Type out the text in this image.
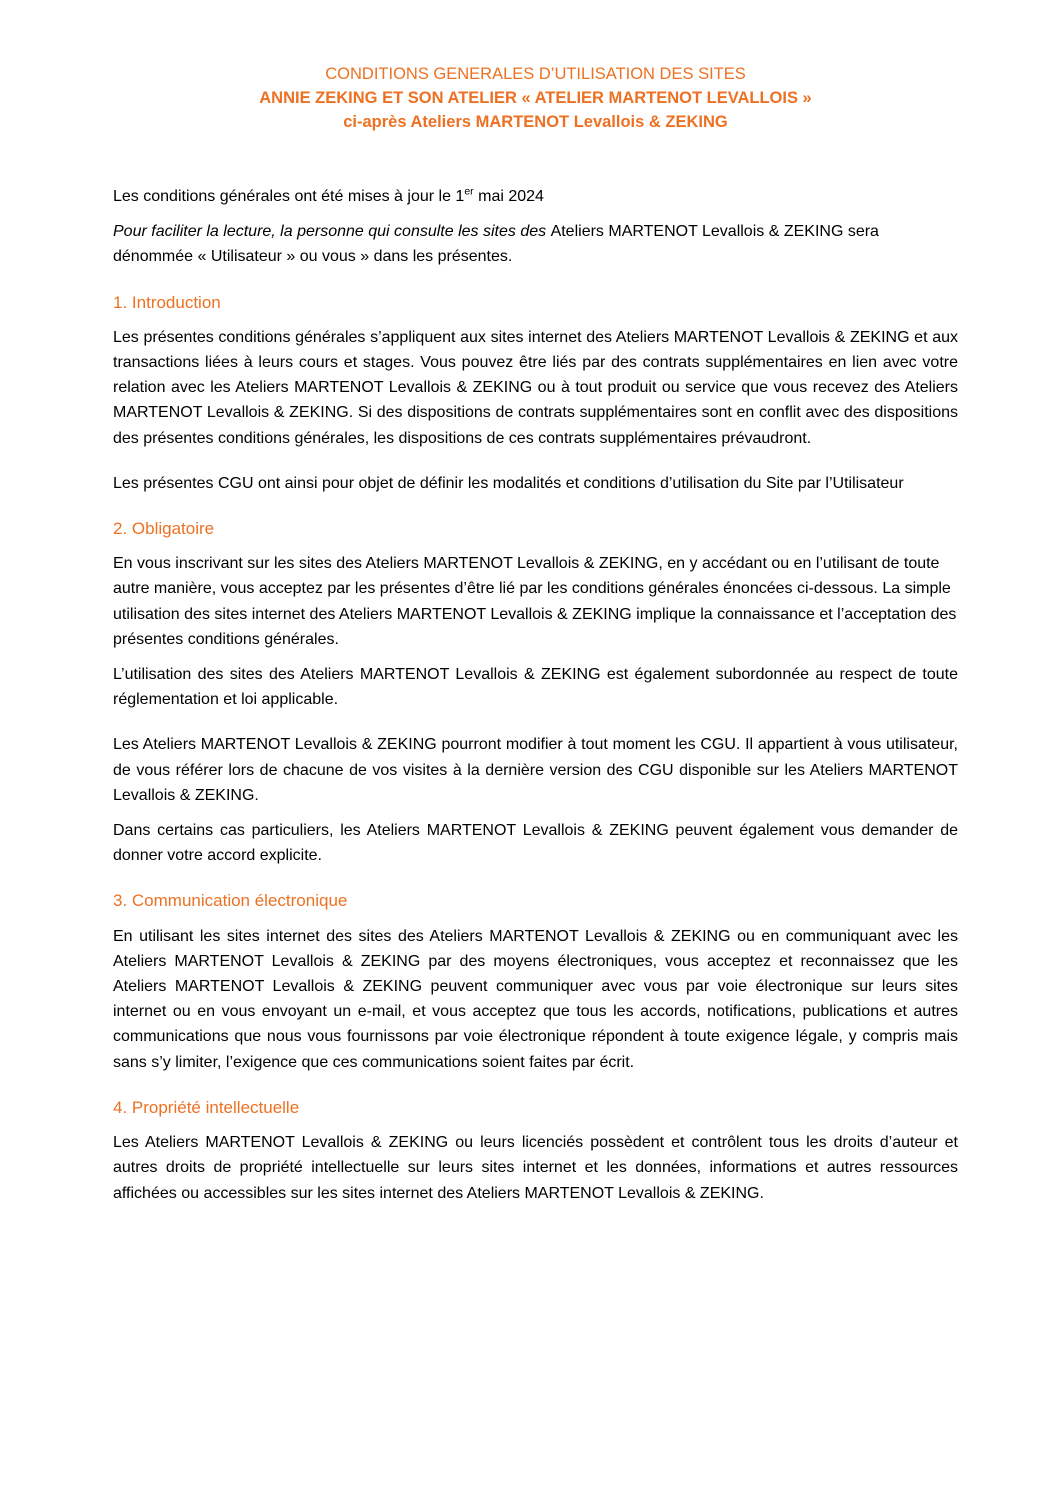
CONDITIONS GENERALES D’UTILISATION DES SITES
ANNIE ZEKING ET SON ATELIER « ATELIER MARTENOT LEVALLOIS »
ci-après Ateliers MARTENOT Levallois & ZEKING

Les conditions générales ont été mises à jour le 1er mai 2024

Pour faciliter la lecture, la personne qui consulte les sites des Ateliers MARTENOT Levallois & ZEKING sera dénommée « Utilisateur » ou vous » dans les présentes.

1. Introduction

Les présentes conditions générales s’appliquent aux sites internet des Ateliers MARTENOT Levallois & ZEKING et aux transactions liées à leurs cours et stages. Vous pouvez être liés par des contrats supplémentaires en lien avec votre relation avec les Ateliers MARTENOT Levallois & ZEKING ou à tout produit ou service que vous recevez des Ateliers MARTENOT Levallois & ZEKING. Si des dispositions de contrats supplémentaires sont en conflit avec des dispositions des présentes conditions générales, les dispositions de ces contrats supplémentaires prévaudront.

Les présentes CGU ont ainsi pour objet de définir les modalités et conditions d’utilisation du Site par l’Utilisateur

2. Obligatoire

En vous inscrivant sur les sites des Ateliers MARTENOT Levallois & ZEKING, en y accédant ou en l’utilisant de toute autre manière, vous acceptez par les présentes d’être lié par les conditions générales énoncées ci-dessous. La simple utilisation des sites internet des Ateliers MARTENOT Levallois & ZEKING implique la connaissance et l’acceptation des présentes conditions générales.

L’utilisation des sites des Ateliers MARTENOT Levallois & ZEKING est également subordonnée au respect de toute réglementation et loi applicable.

Les Ateliers MARTENOT Levallois & ZEKING pourront modifier à tout moment les CGU. Il appartient à vous utilisateur, de vous référer lors de chacune de vos visites à la dernière version des CGU disponible sur les Ateliers MARTENOT Levallois & ZEKING.

Dans certains cas particuliers, les Ateliers MARTENOT Levallois & ZEKING peuvent également vous demander de donner votre accord explicite.

3. Communication électronique

En utilisant les sites internet des sites des Ateliers MARTENOT Levallois & ZEKING ou en communiquant avec les Ateliers MARTENOT Levallois & ZEKING par des moyens électroniques, vous acceptez et reconnaissez que les Ateliers MARTENOT Levallois & ZEKING peuvent communiquer avec vous par voie électronique sur leurs sites internet ou en vous envoyant un e-mail, et vous acceptez que tous les accords, notifications, publications et autres communications que nous vous fournissons par voie électronique répondent à toute exigence légale, y compris mais sans s’y limiter, l’exigence que ces communications soient faites par écrit.

4. Propriété intellectuelle

Les Ateliers MARTENOT Levallois & ZEKING ou leurs licenciés possèdent et contrôlent tous les droits d’auteur et autres droits de propriété intellectuelle sur leurs sites internet et les données, informations et autres ressources affichées ou accessibles sur les sites internet des Ateliers MARTENOT Levallois & ZEKING.
